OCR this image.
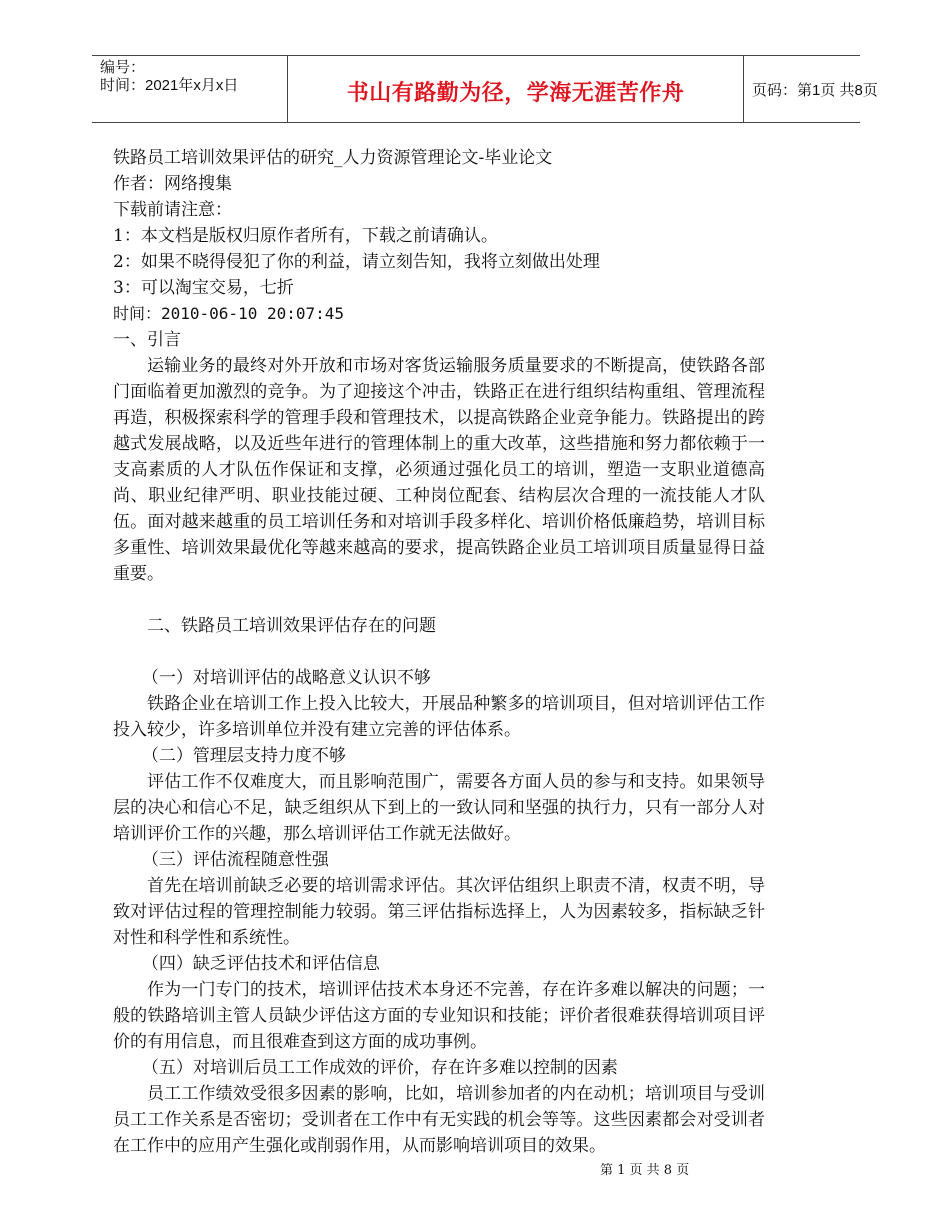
编号：
时间：2021年x月x日	书山有路勤为径，学海无涯苦作舟	页码：第1页 共8页
铁路员工培训效果评估的研究_人力资源管理论文-毕业论文
作者：网络搜集
下载前请注意：
1：本文档是版权归原作者所有，下载之前请确认。
2：如果不晓得侵犯了你的利益，请立刻告知，我将立刻做出处理
3：可以淘宝交易，七折
时间：2010-06-10 20:07:45
一、引言

运输业务的最终对外开放和市场对客货运输服务质量要求的不断提高，使铁路各部门面临着更加激烈的竞争。为了迎接这个冲击，铁路正在进行组织结构重组、管理流程再造，积极探索科学的管理手段和管理技术，以提高铁路企业竞争能力。铁路提出的跨越式发展战略，以及近些年进行的管理体制上的重大改革，这些措施和努力都依赖于一支高素质的人才队伍作保证和支撑，必须通过强化员工的培训，塑造一支职业道德高尚、职业纪律严明、职业技能过硬、工种岗位配套、结构层次合理的一流技能人才队伍。面对越来越重的员工培训任务和对培训手段多样化、培训价格低廉趋势，培训目标多重性、培训效果最优化等越来越高的要求，提高铁路企业员工培训项目质量显得日益重要。

二、铁路员工培训效果评估存在的问题

（一）对培训评估的战略意义认识不够

铁路企业在培训工作上投入比较大，开展品种繁多的培训项目，但对培训评估工作投入较少，许多培训单位并没有建立完善的评估体系。

（二）管理层支持力度不够

评估工作不仅难度大，而且影响范围广，需要各方面人员的参与和支持。如果领导层的决心和信心不足，缺乏组织从下到上的一致认同和坚强的执行力，只有一部分人对培训评价工作的兴趣，那么培训评估工作就无法做好。

（三）评估流程随意性强

首先在培训前缺乏必要的培训需求评估。其次评估组织上职责不清，权责不明，导致对评估过程的管理控制能力较弱。第三评估指标选择上，人为因素较多，指标缺乏针对性和科学性和系统性。

（四）缺乏评估技术和评估信息

作为一门专门的技术，培训评估技术本身还不完善，存在许多难以解决的问题；一般的铁路培训主管人员缺少评估这方面的专业知识和技能；评价者很难获得培训项目评价的有用信息，而且很难查到这方面的成功事例。

（五）对培训后员工工作成效的评价，存在许多难以控制的因素

员工工作绩效受很多因素的影响，比如，培训参加者的内在动机；培训项目与受训员工工作关系是否密切；受训者在工作中有无实践的机会等等。这些因素都会对受训者在工作中的应用产生强化或削弱作用，从而影响培训项目的效果。

第 1 页 共 8 页
